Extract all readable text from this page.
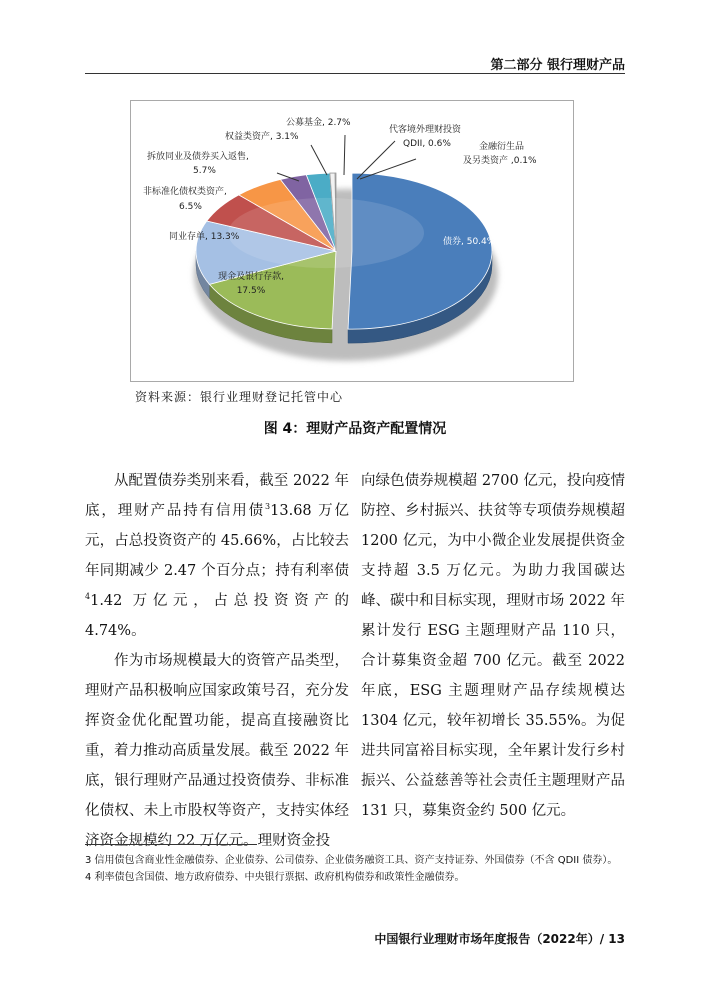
第二部分 银行理财产品
债券, 50.4%
现金及银行存款,
17.5%
同业存单, 13.3%
非标准化债权类资产,
6.5%
拆放同业及债券买入返售,
5.7%
权益类资产, 3.1%
公募基金, 2.7%
代客境外理财投资
QDII, 0.6%	金融衍生品
及另类资产 ,0.1%
资料来源：银行业理财登记托管中心
图 4：理财产品资产配置情况

从配置债券类别来看，截至 2022 年底，理财产品持有信用债$^3$13.68 万亿元，占总投资资产的 45.66%，占比较去年同期减少 2.47 个百分点；持有利率债$^4$1.42 万亿元，占总投资资产的 4.74%。

作为市场规模最大的资管产品类型，理财产品积极响应国家政策号召，充分发挥资金优化配置功能，提高直接融资比重，着力推动高质量发展。截至 2022 年底，银行理财产品通过投资债券、非标准化债权、未上市股权等资产，支持实体经济资金规模约 22 万亿元。理财资金投

向绿色债券规模超 2700 亿元，投向疫情防控、乡村振兴、扶贫等专项债券规模超 1200 亿元，为中小微企业发展提供资金支持超 3.5 万亿元。为助力我国碳达峰、碳中和目标实现，理财市场 2022 年累计发行 ESG 主题理财产品 110 只，合计募集资金超 700 亿元。截至 2022 年底，ESG 主题理财产品存续规模达 1304 亿元，较年初增长 35.55%。为促进共同富裕目标实现，全年累计发行乡村振兴、公益慈善等社会责任主题理财产品 131 只，募集资金约 500 亿元。

3 信用债包含商业性金融债券、企业债券、公司债券、企业债务融资工具、资产支持证券、外国债券（不含 QDII 债券）。

4 利率债包含国债、地方政府债券、中央银行票据、政府机构债券和政策性金融债券。

中国银行业理财市场年度报告（2022年）/ 13
